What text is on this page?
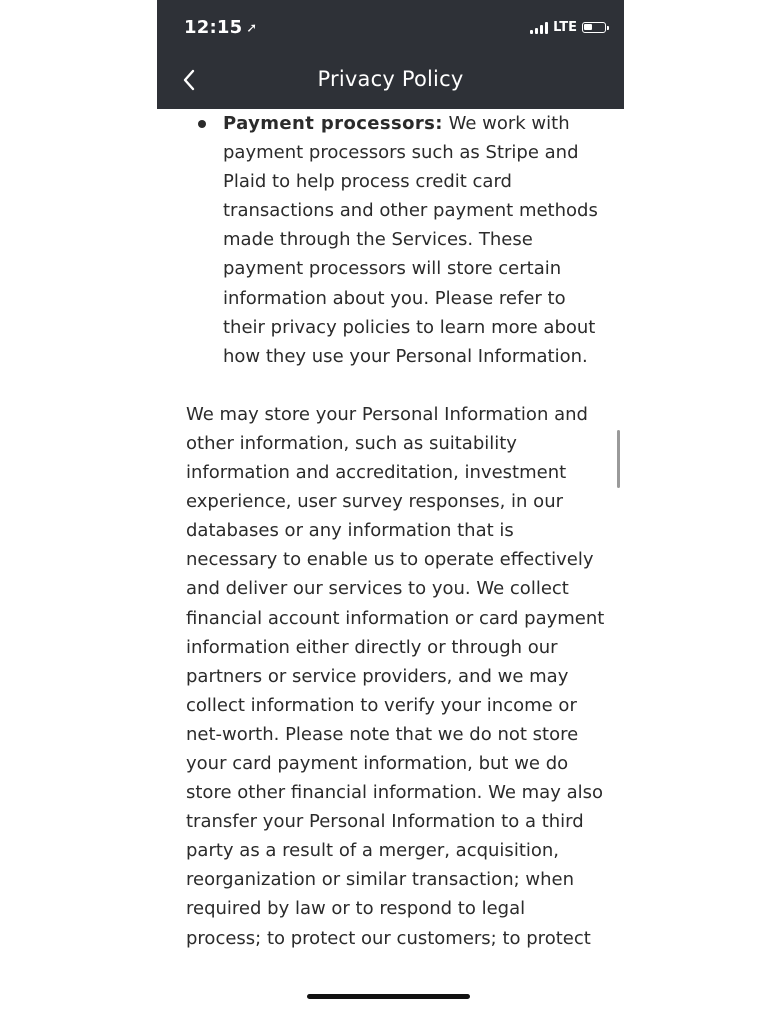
12:15 ➚	LTE
Privacy Policy

Payment processors: We work with payment processors such as Stripe and Plaid to help process credit card transactions and other payment methods made through the Services. These payment processors will store certain information about you. Please refer to their privacy policies to learn more about how they use your Personal Information.

We may store your Personal Information and other information, such as suitability information and accreditation, investment experience, user survey responses, in our databases or any information that is necessary to enable us to operate effectively and deliver our services to you. We collect financial account information or card payment information either directly or through our partners or service providers, and we may collect information to verify your income or net-worth. Please note that we do not store your card payment information, but we do store other financial information. We may also transfer your Personal Information to a third party as a result of a merger, acquisition, reorganization or similar transaction; when required by law or to respond to legal process; to protect our customers; to protect
